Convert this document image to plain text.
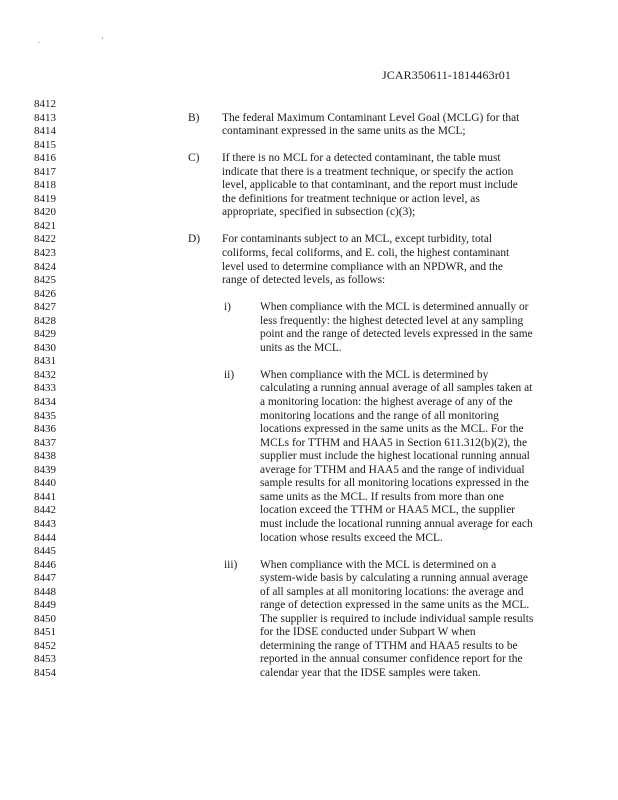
. '
JCAR350611-1814463r01
8412
8413	B) The federal Maximum Contaminant Level Goal (MCLG) for that
8414	contaminant expressed in the same units as the MCL;
8415
8416	C) If there is no MCL for a detected contaminant, the table must
8417	indicate that there is a treatment technique, or specify the action
8418	level, applicable to that contaminant, and the report must include
8419	the definitions for treatment technique or action level, as
8420	appropriate, specified in subsection (c)(3);
8421
8422	D) For contaminants subject to an MCL, except turbidity, total
8423	coliforms, fecal coliforms, and E. coli, the highest contaminant
8424	level used to determine compliance with an NPDWR, and the
8425	range of detected levels, as follows:
8426
8427	i)	When compliance with the MCL is determined annually or
8428	less frequently: the highest detected level at any sampling
8429	point and the range of detected levels expressed in the same
8430	units as the MCL.
8431
8432	ii) When compliance with the MCL is determined by
8433	calculating a running annual average of all samples taken at
8434	a monitoring location: the highest average of any of the
8435	monitoring locations and the range of all monitoring
8436	locations expressed in the same units as the MCL. For the
8437	MCLs for TTHM and HAA5 in Section 611.312(b)(2), the
8438	supplier must include the highest locational running annual
8439	average for TTHM and HAA5 and the range of individual
8440	sample results for all monitoring locations expressed in the
8441	same units as the MCL. If results from more than one
8442	location exceed the TTHM or HAA5 MCL, the supplier
8443	must include the locational running annual average for each
8444	location whose results exceed the MCL.
8445
8446	iii) When compliance with the MCL is determined on a
8447	system-wide basis by calculating a running annual average
8448	of all samples at all monitoring locations: the average and
8449	range of detection expressed in the same units as the MCL.
8450	The supplier is required to include individual sample results
8451	for the IDSE conducted under Subpart W when
8452	determining the range of TTHM and HAA5 results to be
8453	reported in the annual consumer confidence report for the
8454	calendar year that the IDSE samples were taken.
